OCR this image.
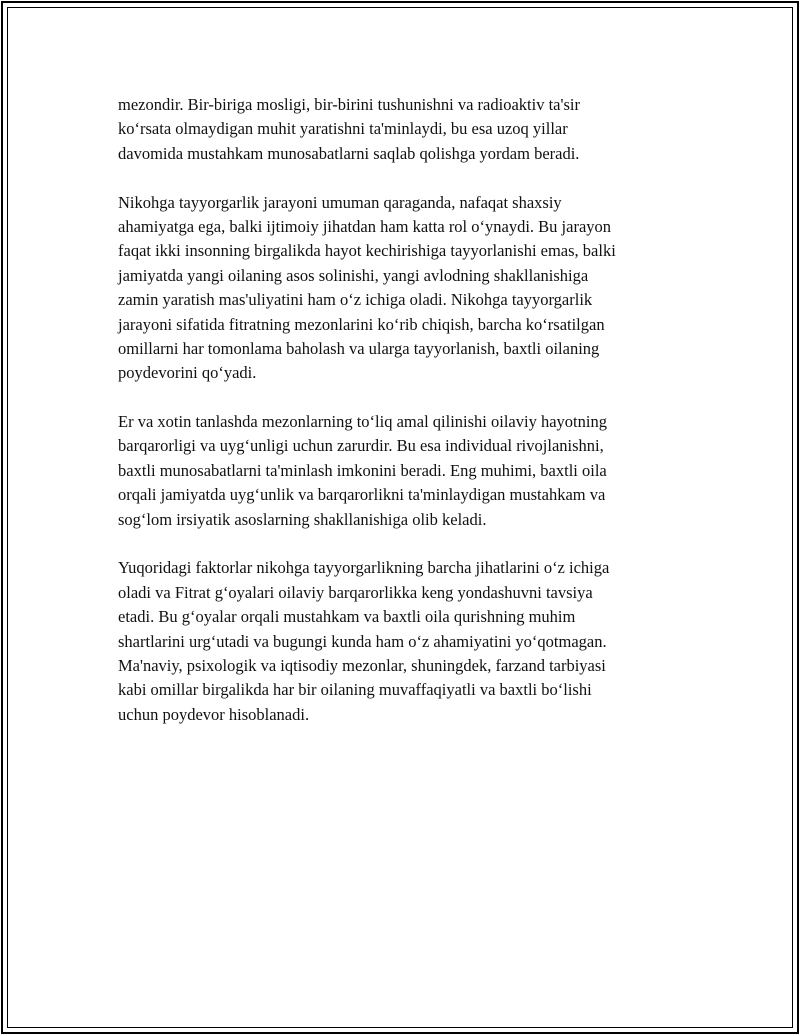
mezondir. Bir-biriga mosligi, bir-birini tushunishni va radioaktiv ta'sir
ko‘rsata olmaydigan muhit yaratishni ta'minlaydi, bu esa uzoq yillar
davomida mustahkam munosabatlarni saqlab qolishga yordam beradi.

Nikohga tayyorgarlik jarayoni umuman qaraganda, nafaqat shaxsiy
ahamiyatga ega, balki ijtimoiy jihatdan ham katta rol o‘ynaydi. Bu jarayon
faqat ikki insonning birgalikda hayot kechirishiga tayyorlanishi emas, balki
jamiyatda yangi oilaning asos solinishi, yangi avlodning shakllanishiga
zamin yaratish mas'uliyatini ham o‘z ichiga oladi. Nikohga tayyorgarlik
jarayoni sifatida fitratning mezonlarini ko‘rib chiqish, barcha ko‘rsatilgan
omillarni har tomonlama baholash va ularga tayyorlanish, baxtli oilaning
poydevorini qo‘yadi.

Er va xotin tanlashda mezonlarning to‘liq amal qilinishi oilaviy hayotning
barqarorligi va uyg‘unligi uchun zarurdir. Bu esa individual rivojlanishni,
baxtli munosabatlarni ta'minlash imkonini beradi. Eng muhimi, baxtli oila
orqali jamiyatda uyg‘unlik va barqarorlikni ta'minlaydigan mustahkam va
sog‘lom irsiyatik asoslarning shakllanishiga olib keladi.

Yuqoridagi faktorlar nikohga tayyorgarlikning barcha jihatlarini o‘z ichiga
oladi va Fitrat g‘oyalari oilaviy barqarorlikka keng yondashuvni tavsiya
etadi. Bu g‘oyalar orqali mustahkam va baxtli oila qurishning muhim
shartlarini urg‘utadi va bugungi kunda ham o‘z ahamiyatini yo‘qotmagan.
Ma'naviy, psixologik va iqtisodiy mezonlar, shuningdek, farzand tarbiyasi
kabi omillar birgalikda har bir oilaning muvaffaqiyatli va baxtli bo‘lishi
uchun poydevor hisoblanadi.
